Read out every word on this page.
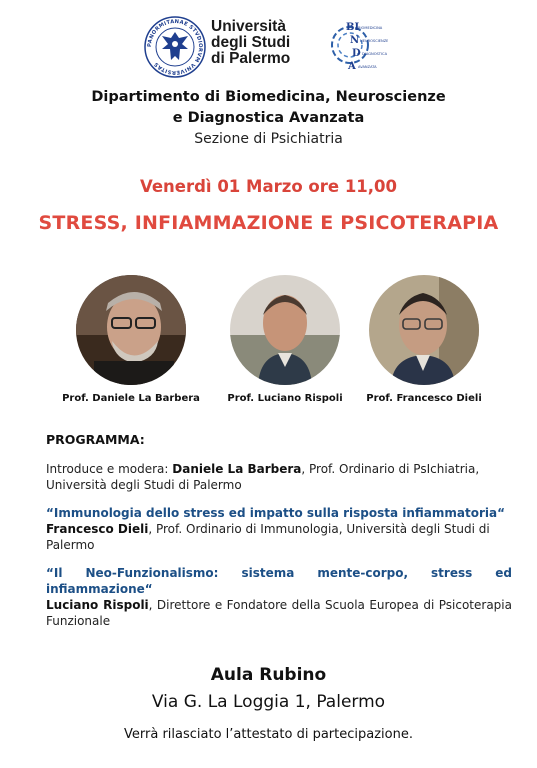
PANORMITANAE STVDIORVM VNIVERSITAS
Università
degli Studi
di Palermo
BI
N
D
A
BIOMEDICINA
NEUROSCIENZE
DIAGNOSTICA
AVANZATA
Dipartimento di Biomedicina, Neuroscienze
e Diagnostica Avanzata
Sezione di Psichiatria
Venerdì 01 Marzo ore 11,00
STRESS, INFIAMMAZIONE E PSICOTERAPIA
Prof. Daniele La Barbera	Prof. Luciano Rispoli	Prof. Francesco Dieli
PROGRAMMA:
Introduce e modera: Daniele La Barbera, Prof. Ordinario di PsIchiatria, Università degli Studi di Palermo
“Immunologia dello stress ed impatto sulla risposta infiammatoria“
Francesco Dieli, Prof. Ordinario di Immunologia, Università degli Studi di Palermo
“Il Neo-Funzionalismo: sistema mente-corpo, stress ed infiammazione“
Luciano Rispoli, Direttore e Fondatore della Scuola Europea di Psicoterapia Funzionale
Aula Rubino
Via G. La Loggia 1, Palermo
Verrà rilasciato l’attestato di partecipazione.
